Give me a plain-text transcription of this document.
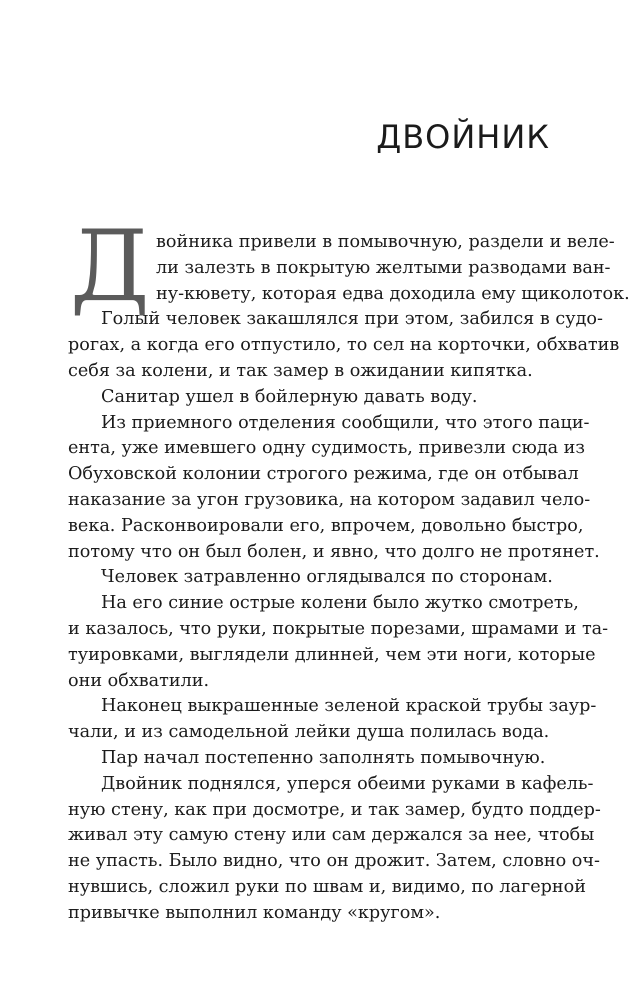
ДВОЙНИК
Д войника привели в помывочную, раздели и веле-
ли залезть в покрытую желтыми разводами ван-
ну-кювету, которая едва доходила ему щиколоток.
Голый человек закашлялся при этом, забился в судо-
рогах, а когда его отпустило, то сел на корточки, обхватив
себя за колени, и так замер в ожидании кипятка.
Санитар ушел в бойлерную давать воду.
Из приемного отделения сообщили, что этого паци-
ента, уже имевшего одну судимость, привезли сюда из
Обуховской колонии строгого режима, где он отбывал
наказание за угон грузовика, на котором задавил чело-
века. Расконвоировали его, впрочем, довольно быстро,
потому что он был болен, и явно, что долго не протянет.
Человек затравленно оглядывался по сторонам.
На его синие острые колени было жутко смотреть,
и казалось, что руки, покрытые порезами, шрамами и та-
туировками, выглядели длинней, чем эти ноги, которые
они обхватили.
Наконец выкрашенные зеленой краской трубы заур-
чали, и из самодельной лейки душа полилась вода.
Пар начал постепенно заполнять помывочную.
Двойник поднялся, уперся обеими руками в кафель-
ную стену, как при досмотре, и так замер, будто поддер-
живал эту самую стену или сам держался за нее, чтобы
не упасть. Было видно, что он дрожит. Затем, словно оч-
нувшись, сложил руки по швам и, видимо, по лагерной
привычке выполнил команду «кругом».
